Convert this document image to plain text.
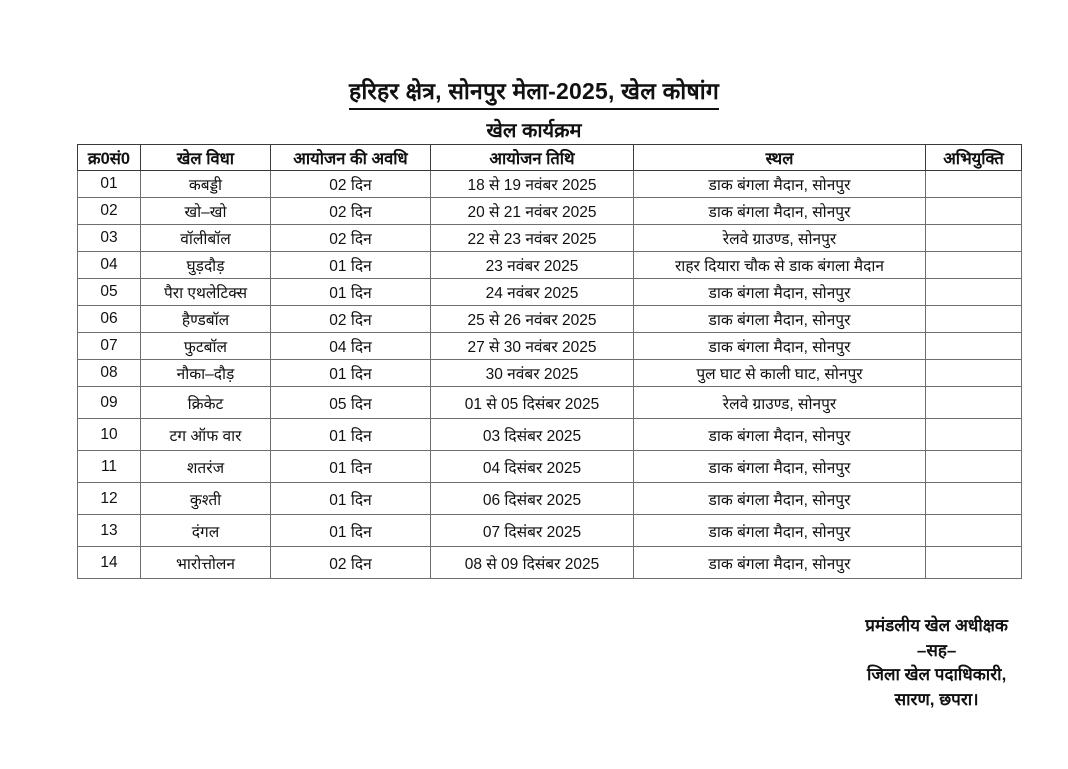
हरिहर क्षेत्र, सोनपुर मेला-2025, खेल कोषांग
खेल कार्यक्रम
क्र0सं0	खेल विधा	आयोजन की अवधि	आयोजन तिथि	स्थल	अभियुक्ति
01	कबड्डी	02 दिन	18 से 19 नवंबर 2025	डाक बंगला मैदान, सोनपुर	
02	खो–खो	02 दिन	20 से 21 नवंबर 2025	डाक बंगला मैदान, सोनपुर	
03	वॉलीबॉल	02 दिन	22 से 23 नवंबर 2025	रेलवे ग्राउण्ड, सोनपुर	
04	घुड़दौड़	01 दिन	23 नवंबर 2025	राहर दियारा चौक से डाक बंगला मैदान	
05	पैरा एथलेटिक्स	01 दिन	24 नवंबर 2025	डाक बंगला मैदान, सोनपुर	
06	हैण्डबॉल	02 दिन	25 से 26 नवंबर 2025	डाक बंगला मैदान, सोनपुर	
07	फुटबॉल	04 दिन	27 से 30 नवंबर 2025	डाक बंगला मैदान, सोनपुर	
08	नौका–दौड़	01 दिन	30 नवंबर 2025	पुल घाट से काली घाट, सोनपुर	
09	क्रिकेट	05 दिन	01 से 05 दिसंबर 2025	रेलवे ग्राउण्ड, सोनपुर	
10	टग ऑफ वार	01 दिन	03 दिसंबर 2025	डाक बंगला मैदान, सोनपुर	
11	शतरंज	01 दिन	04 दिसंबर 2025	डाक बंगला मैदान, सोनपुर	
12	कुश्ती	01 दिन	06 दिसंबर 2025	डाक बंगला मैदान, सोनपुर	
13	दंगल	01 दिन	07 दिसंबर 2025	डाक बंगला मैदान, सोनपुर	
14	भारोत्तोलन	02 दिन	08 से 09 दिसंबर 2025	डाक बंगला मैदान, सोनपुर	
प्रमंडलीय खेल अधीक्षक
–सह–
जिला खेल पदाधिकारी,
सारण, छपरा।
